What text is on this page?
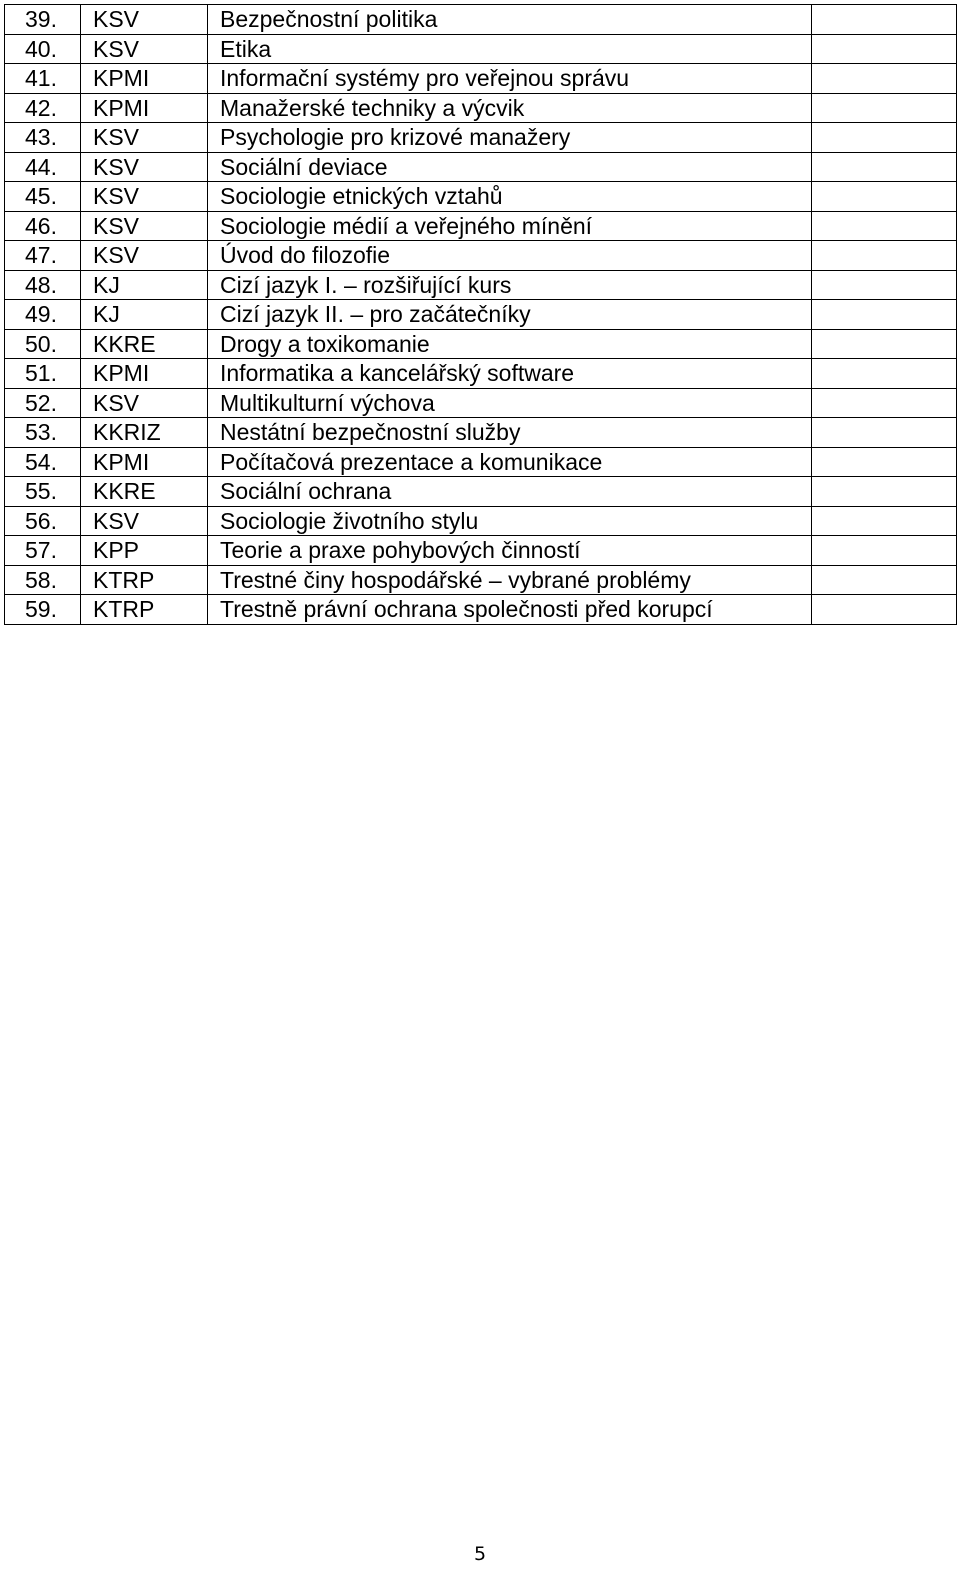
39.	KSV	Bezpečnostní politika	
40.	KSV	Etika	
41.	KPMI	Informační systémy pro veřejnou správu	
42.	KPMI	Manažerské techniky a výcvik	
43.	KSV	Psychologie pro krizové manažery	
44.	KSV	Sociální deviace	
45.	KSV	Sociologie etnických vztahů	
46.	KSV	Sociologie médií a veřejného mínění	
47.	KSV	Úvod do filozofie	
48.	KJ	Cizí jazyk I. – rozšiřující kurs	
49.	KJ	Cizí jazyk II. – pro začátečníky	
50.	KKRE	Drogy a toxikomanie	
51.	KPMI	Informatika a kancelářský software	
52.	KSV	Multikulturní výchova	
53.	KKRIZ	Nestátní bezpečnostní služby	
54.	KPMI	Počítačová prezentace a komunikace	
55.	KKRE	Sociální ochrana	
56.	KSV	Sociologie životního stylu	
57.	KPP	Teorie a praxe pohybových činností	
58.	KTRP	Trestné činy hospodářské – vybrané problémy	
59.	KTRP	Trestně právní ochrana společnosti před korupcí	
5
